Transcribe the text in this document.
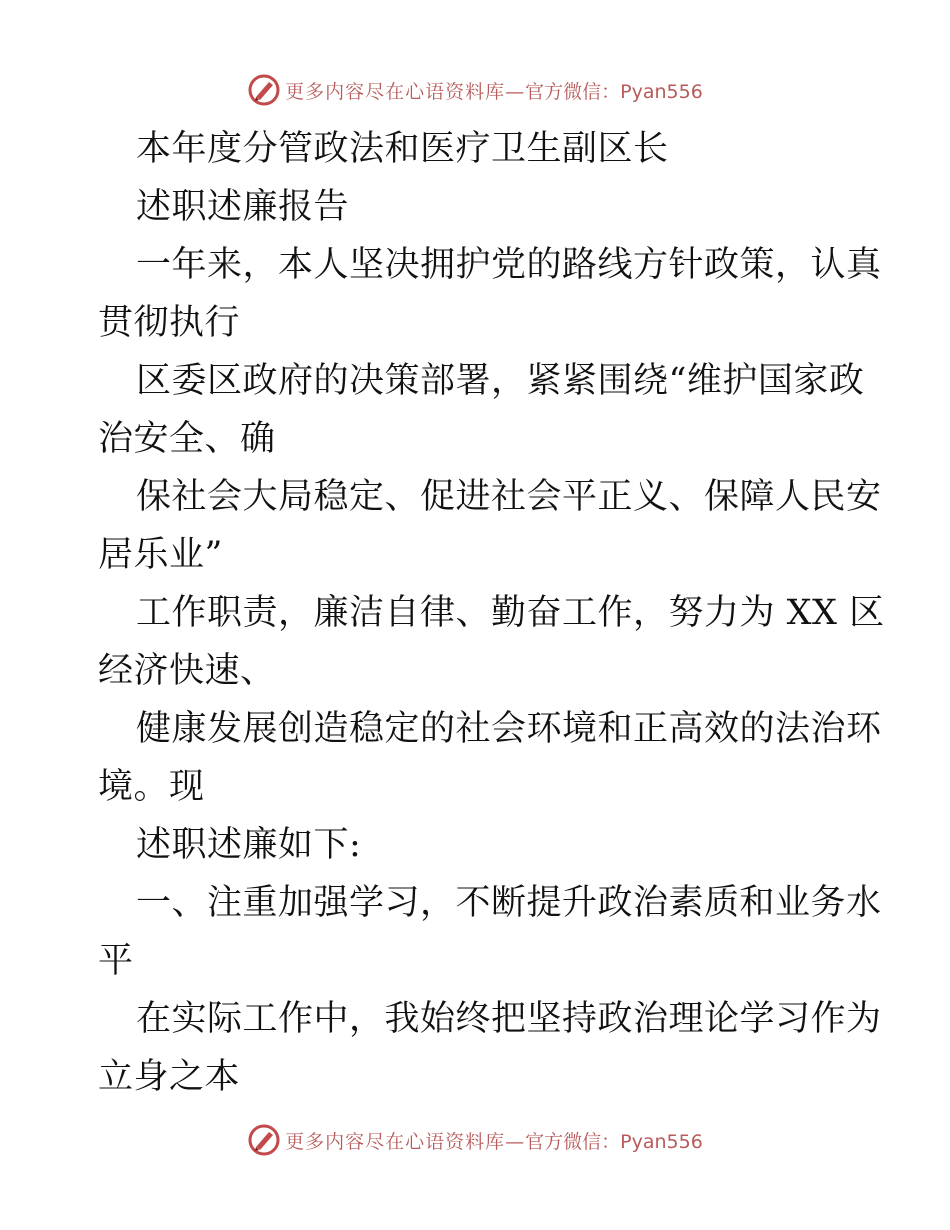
更多内容尽在心语资料库—官方微信：Pyan556
本年度分管政法和医疗卫生副区长
述职述廉报告
一年来，本人坚决拥护党的路线方针政策，认真
贯彻执行
区委区政府的决策部署，紧紧围绕“维护国家政
治安全、确
保社会大局稳定、促进社会平正义、保障人民安
居乐业”
工作职责，廉洁自律、勤奋工作，努力为 XX 区
经济快速、
健康发展创造稳定的社会环境和正高效的法治环
境。现
述职述廉如下:
一、注重加强学习，不断提升政治素质和业务水
平
在实际工作中，我始终把坚持政治理论学习作为
立身之本
更多内容尽在心语资料库—官方微信：Pyan556
